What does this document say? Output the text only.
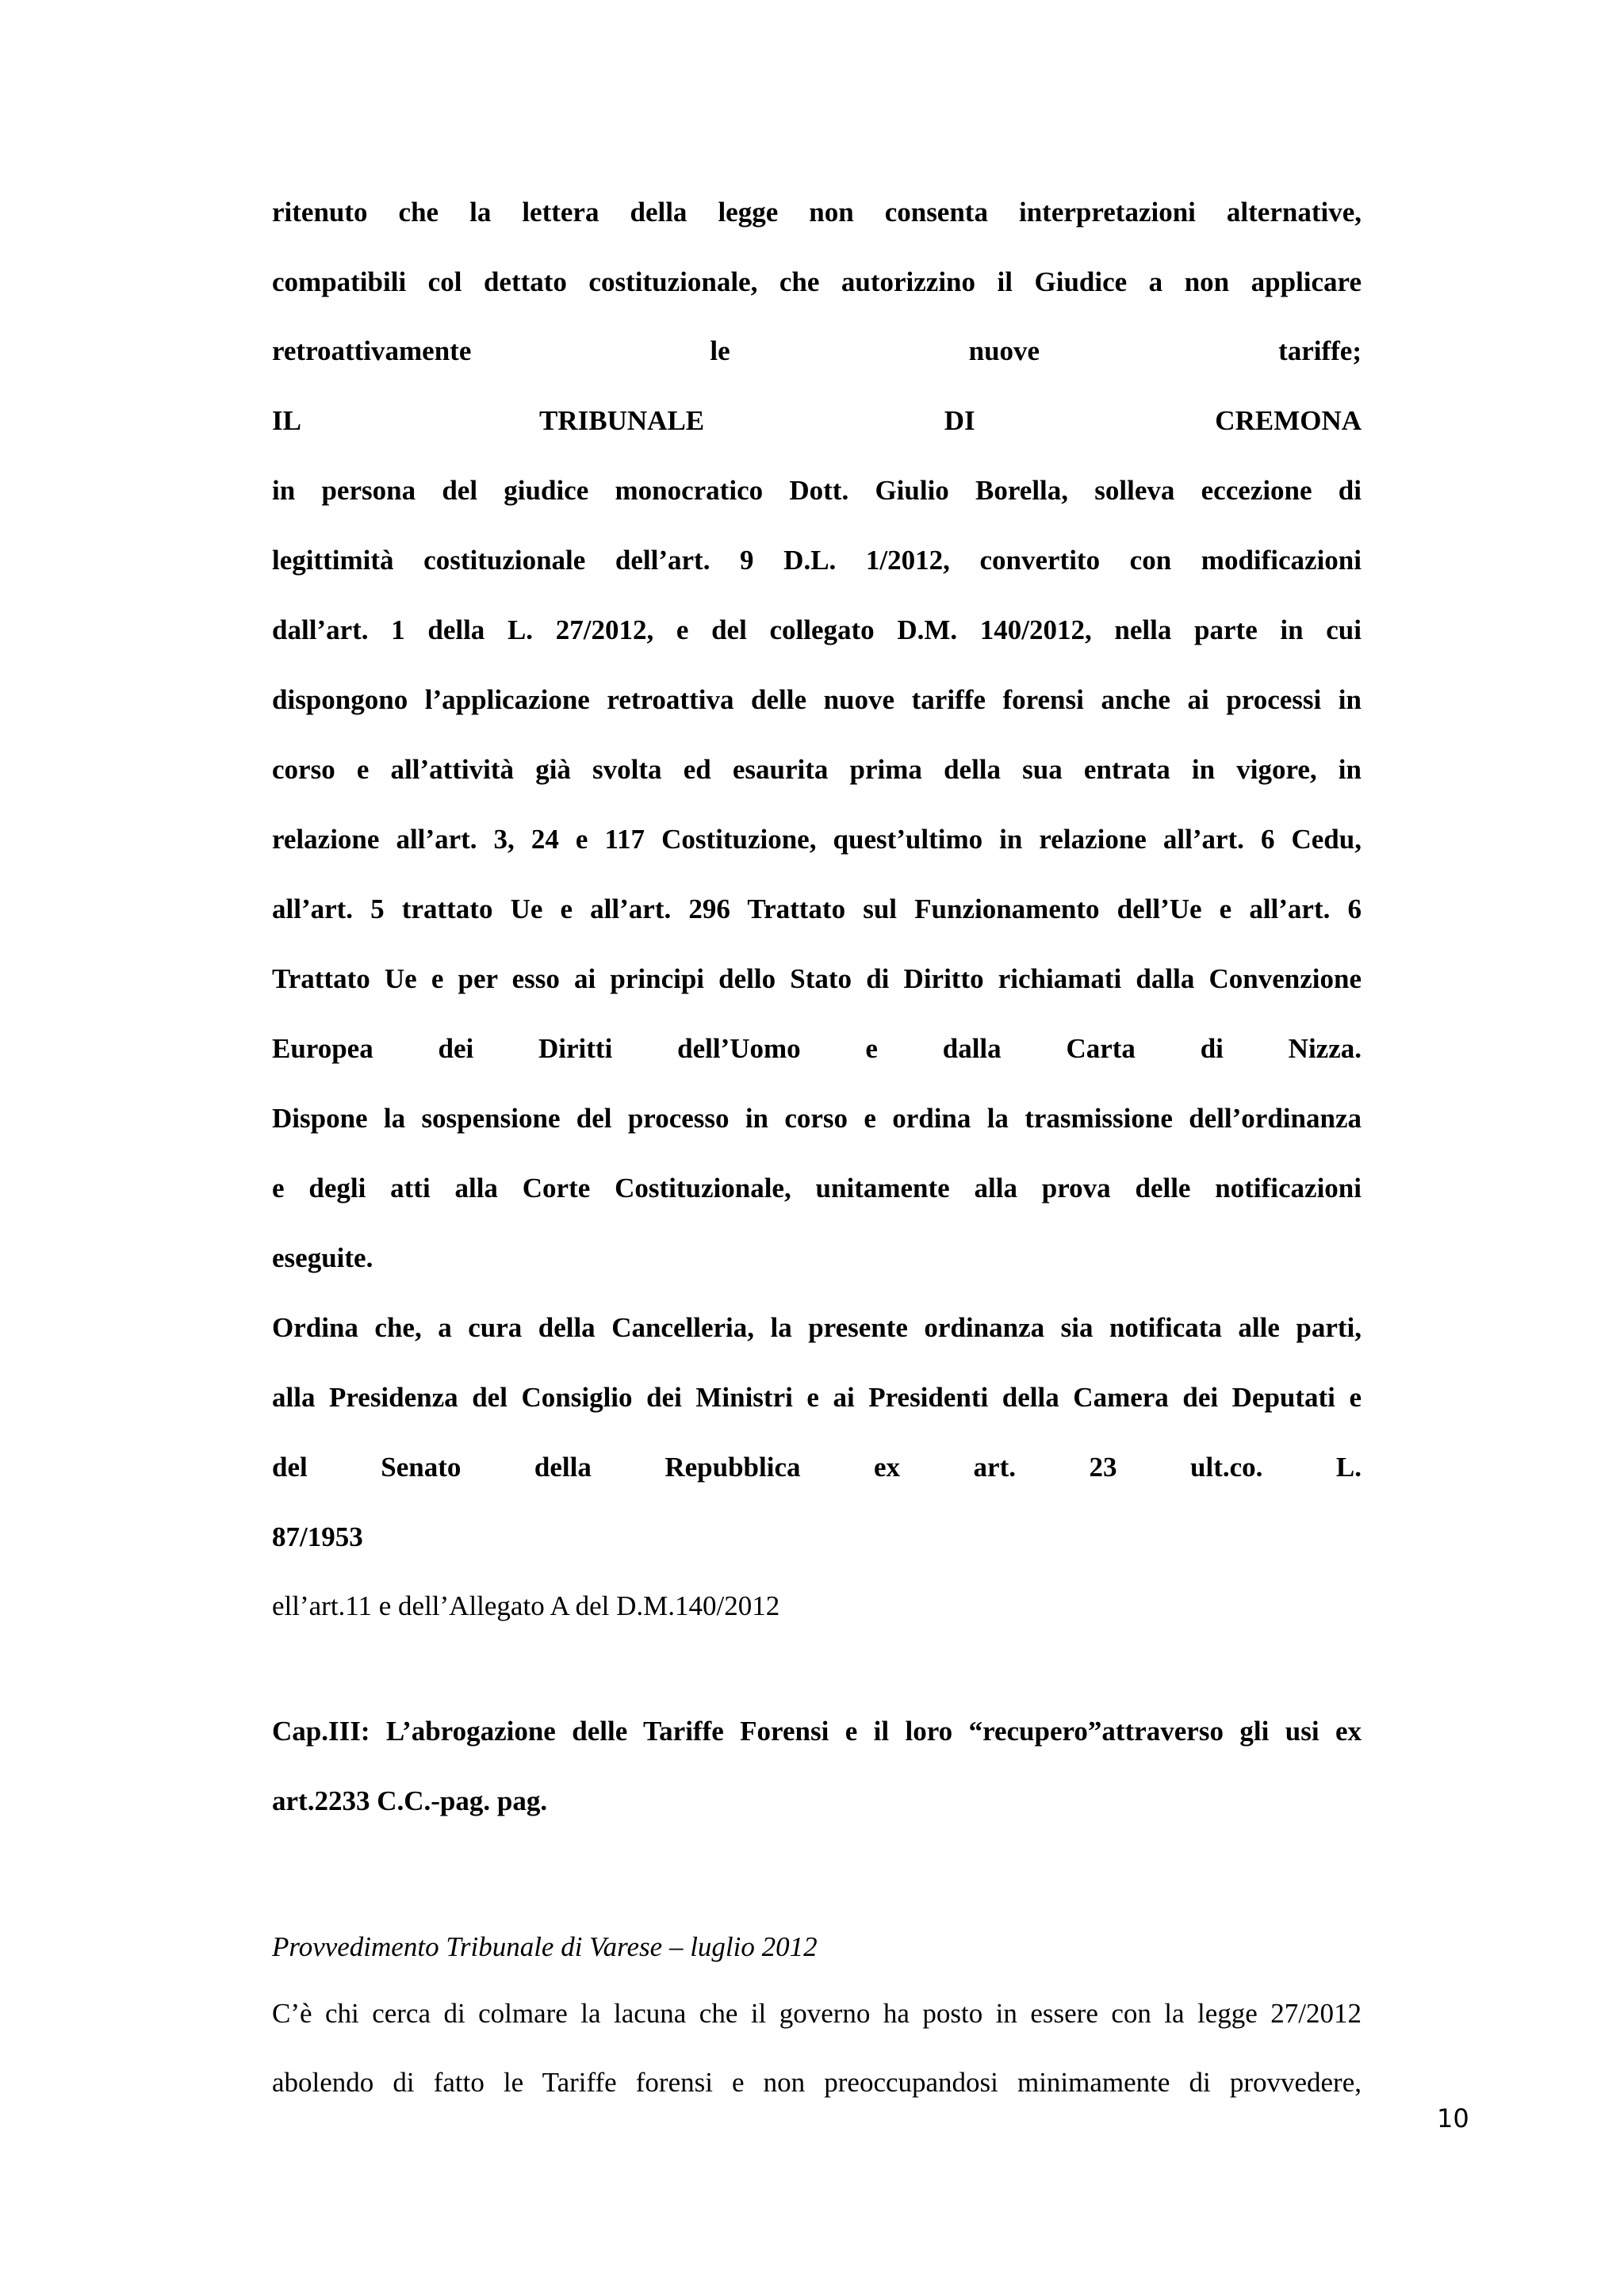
ritenuto che la lettera della legge non consenta interpretazioni alternative,
compatibili col dettato costituzionale, che autorizzino il Giudice a non applicare
retroattivamente le nuove tariffe;
IL TRIBUNALE DI CREMONA
in persona del giudice monocratico Dott. Giulio Borella, solleva eccezione di
legittimità costituzionale dell’art. 9 D.L. 1/2012, convertito con modificazioni
dall’art. 1 della L. 27/2012, e del collegato D.M. 140/2012, nella parte in cui
dispongono l’applicazione retroattiva delle nuove tariffe forensi anche ai processi in
corso e all’attività già svolta ed esaurita prima della sua entrata in vigore, in
relazione all’art. 3, 24 e 117 Costituzione, quest’ultimo in relazione all’art. 6 Cedu,
all’art. 5 trattato Ue e all’art. 296 Trattato sul Funzionamento dell’Ue e all’art. 6
Trattato Ue e per esso ai principi dello Stato di Diritto richiamati dalla Convenzione
Europea dei Diritti dell’Uomo e dalla Carta di Nizza.
Dispone la sospensione del processo in corso e ordina la trasmissione dell’ordinanza
e degli atti alla Corte Costituzionale, unitamente alla prova delle notificazioni
eseguite.
Ordina che, a cura della Cancelleria, la presente ordinanza sia notificata alle parti,
alla Presidenza del Consiglio dei Ministri e ai Presidenti della Camera dei Deputati e
del Senato della Repubblica ex art. 23 ult.co. L.
87/1953
ell’art.11 e dell’Allegato A del D.M.140/2012
Cap.III: L’abrogazione delle Tariffe Forensi e il loro “recupero”attraverso gli usi ex
art.2233 C.C.-pag. pag.
Provvedimento Tribunale di Varese – luglio 2012
C’è chi cerca di colmare la lacuna che il governo ha posto in essere con la legge 27/2012
abolendo di fatto le Tariffe forensi e non preoccupandosi minimamente di provvedere,
10
